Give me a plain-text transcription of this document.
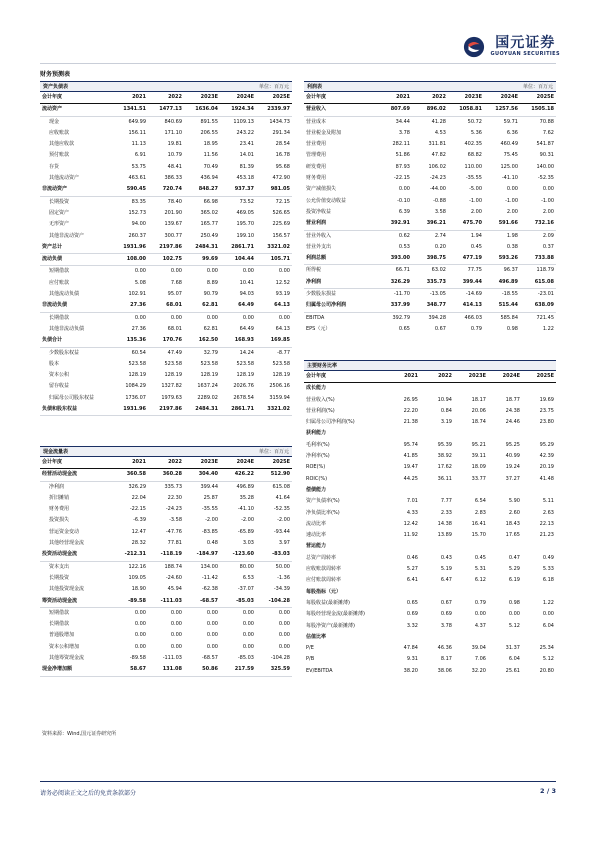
国元证券
GUOYUAN SECURITIES
财务预测表
资产负债表	单位：百万元
会计年度	2021	2022	2023E	2024E	2025E
流动资产	1341.51	1477.13	1636.04	1924.34	2339.97
现金	649.99	840.69	891.55	1109.13	1434.73
应收账款	156.11	171.10	206.55	243.22	291.34
其他应收款	11.13	19.81	18.95	23.41	28.54
预付账款	6.91	10.79	11.56	14.01	16.78
存货	53.75	48.41	70.49	81.39	95.68
其他流动资产	463.61	386.33	436.94	453.18	472.90
非流动资产	590.45	720.74	848.27	937.37	981.05
长期投资	83.35	78.40	66.98	73.52	72.15
固定资产	152.73	201.90	365.02	469.05	526.65
无形资产	94.00	139.67	165.77	195.70	225.69
其他非流动资产	260.37	300.77	250.49	199.10	156.57
资产总计	1931.96	2197.86	2484.31	2861.71	3321.02
流动负债	108.00	102.75	99.69	104.44	105.71
短期借款	0.00	0.00	0.00	0.00	0.00
应付账款	5.08	7.68	8.89	10.41	12.52
其他流动负债	102.91	95.07	90.79	94.03	93.19
非流动负债	27.36	68.01	62.81	64.49	64.13
长期借款	0.00	0.00	0.00	0.00	0.00
其他非流动负债	27.36	68.01	62.81	64.49	64.13
负债合计	135.36	170.76	162.50	168.93	169.85
少数股东权益	60.54	47.49	32.79	14.24	-8.77
股本	523.58	523.58	523.58	523.58	523.58
资本公积	128.19	128.19	128.19	128.19	128.19
留存收益	1084.29	1327.82	1637.24	2026.76	2506.16
归属母公司股东权益	1736.07	1979.63	2289.02	2678.54	3159.94
负债和股东权益	1931.96	2197.86	2484.31	2861.71	3321.02
利润表	单位：百万元
会计年度	2021	2022	2023E	2024E	2025E
营业收入	807.69	896.02	1058.81	1257.56	1505.18
营业成本	34.44	41.28	50.72	59.71	70.88
营业税金及附加	3.78	4.53	5.36	6.36	7.62
营业费用	282.11	311.81	402.35	460.49	541.87
管理费用	51.86	47.82	68.82	75.45	90.31
研发费用	87.93	106.02	110.00	125.00	140.00
财务费用	-22.15	-24.23	-35.55	-41.10	-52.35
资产减值损失	0.00	-44.00	-5.00	0.00	0.00
公允价值变动收益	-0.10	-0.88	-1.00	-1.00	-1.00
投资净收益	6.39	3.58	2.00	2.00	2.00
营业利润	392.91	396.21	475.70	591.66	732.16
营业外收入	0.62	2.74	1.94	1.98	2.09
营业外支出	0.53	0.20	0.45	0.38	0.37
利润总额	393.00	398.75	477.19	593.26	733.88
所得税	66.71	63.02	77.75	96.37	118.79
净利润	326.29	335.73	399.44	496.89	615.08
少数股东损益	-11.70	-13.05	-14.69	-18.55	-23.01
归属母公司净利润	337.99	348.77	414.13	515.44	638.09
EBITDA	392.79	394.28	466.03	585.84	721.45
EPS（元）	0.65	0.67	0.79	0.98	1.22
主要财务比率
会计年度	2021	2022	2023E	2024E	2025E
成长能力					
营业收入(%)	26.95	10.94	18.17	18.77	19.69
营业利润(%)	22.20	0.84	20.06	24.38	23.75
归属母公司净利润(%)	21.38	3.19	18.74	24.46	23.80
获利能力					
毛利率(%)	95.74	95.39	95.21	95.25	95.29
净利率(%)	41.85	38.92	39.11	40.99	42.39
ROE(%)	19.47	17.62	18.09	19.24	20.19
ROIC(%)	44.25	36.11	33.77	37.27	41.48
偿债能力					
资产负债率(%)	7.01	7.77	6.54	5.90	5.11
净负债比率(%)	4.33	2.33	2.83	2.60	2.63
流动比率	12.42	14.38	16.41	18.43	22.13
速动比率	11.92	13.89	15.70	17.65	21.23
营运能力					
总资产周转率	0.46	0.43	0.45	0.47	0.49
应收账款周转率	5.27	5.19	5.31	5.29	5.33
应付账款周转率	6.41	6.47	6.12	6.19	6.18
每股指标（元）					
每股收益(最新摊薄)	0.65	0.67	0.79	0.98	1.22
每股经营现金流(最新摊薄)	0.69	0.69	0.00	0.00	0.00
每股净资产(最新摊薄)	3.32	3.78	4.37	5.12	6.04
估值比率					
P/E	47.84	46.36	39.04	31.37	25.34
P/B	9.31	8.17	7.06	6.04	5.12
EV/EBITDA	38.20	38.06	32.20	25.61	20.80
现金流量表	单位：百万元
会计年度	2021	2022	2023E	2024E	2025E
经营活动现金流	360.58	360.28	304.40	426.22	512.90
净利润	326.29	335.73	399.44	496.89	615.08
折旧摊销	22.04	22.30	25.87	35.28	41.64
财务费用	-22.15	-24.23	-35.55	-41.10	-52.35
投资损失	-6.39	-3.58	-2.00	-2.00	-2.00
营运资金变动	12.47	-47.76	-83.85	-65.89	-93.44
其他经营现金流	28.32	77.81	0.48	3.03	3.97
投资活动现金流	-212.31	-118.19	-184.97	-123.60	-83.03
资本支出	122.16	188.74	134.00	80.00	50.00
长期投资	109.05	-24.60	-11.42	6.53	-1.36
其他投资现金流	18.90	45.94	-62.38	-37.07	-34.39
筹资活动现金流	-89.58	-111.03	-68.57	-85.03	-104.28
短期借款	0.00	0.00	0.00	0.00	0.00
长期借款	0.00	0.00	0.00	0.00	0.00
普通股增加	0.00	0.00	0.00	0.00	0.00
资本公积增加	0.00	0.00	0.00	0.00	0.00
其他筹资现金流	-89.58	-111.03	-68.57	-85.03	-104.28
现金净增加额	58.67	131.08	50.86	217.59	325.59
资料来源：Wind,国元证券研究所
请务必阅读正文之后的免责条款部分	2 / 3
